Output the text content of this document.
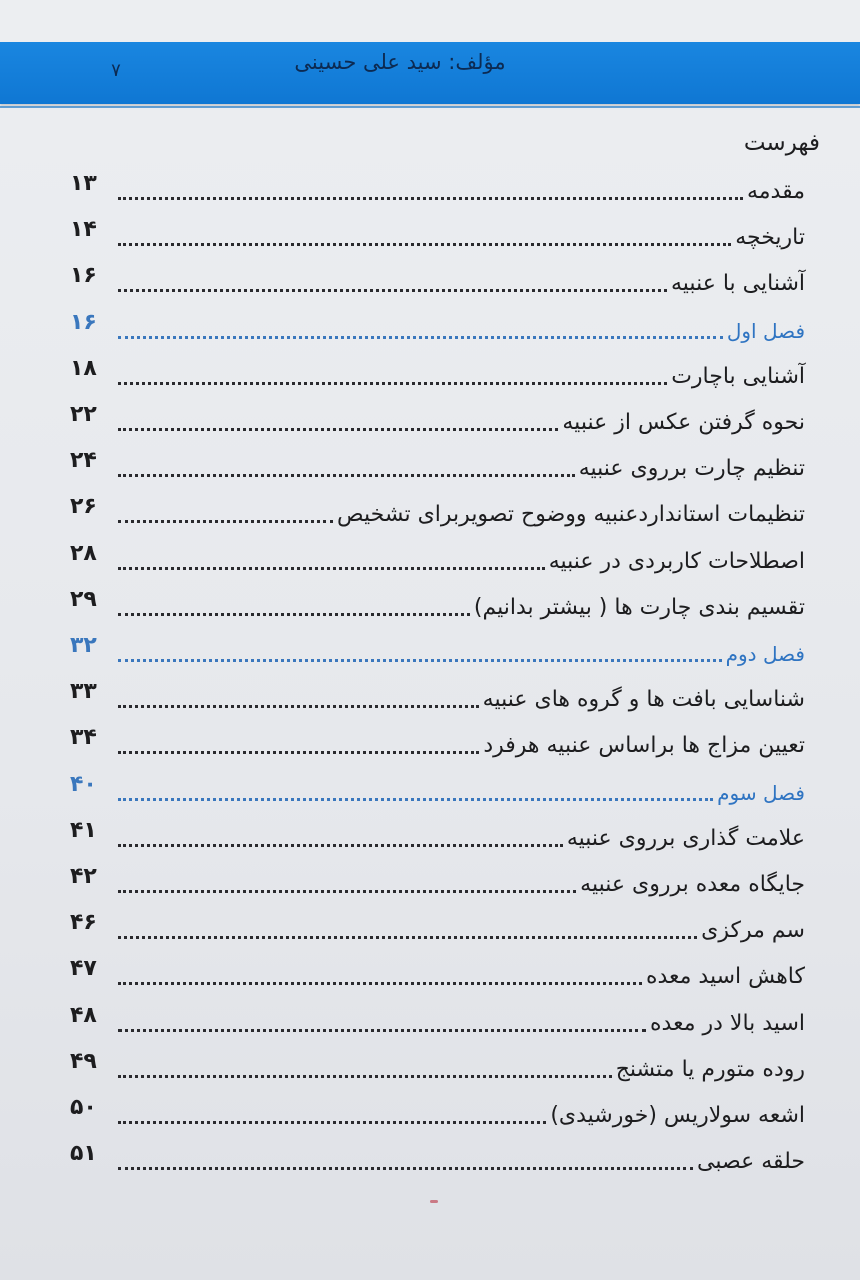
مؤلف: سید علی حسینی
۷
فهرست
مقدمه
۱۳
تاریخچه
۱۴
آشنایی با عنبیه
۱۶
فصل اول
۱۶
آشنایی باچارت
۱۸
نحوه گرفتن عکس از عنبیه
۲۲
تنظیم چارت برروی عنبیه
۲۴
تنظیمات استانداردعنبیه ووضوح تصویربرای تشخیص
۲۶
اصطلاحات کاربردی در عنبیه
۲۸
تقسیم بندی چارت ها ( بیشتر بدانیم)
۲۹
فصل دوم
۳۲
شناسایی بافت ها و گروه های عنبیه
۳۳
تعیین مزاج ها براساس عنبیه هرفرد
۳۴
فصل سوم
۴۰
علامت گذاری برروی عنبیه
۴۱
جایگاه معده برروی عنبیه
۴۲
سم مرکزی
۴۶
کاهش اسید معده
۴۷
اسید بالا در معده
۴۸
روده متورم یا متشنج
۴۹
اشعه سولاریس (خورشیدی)
۵۰
حلقه عصبی
۵۱
